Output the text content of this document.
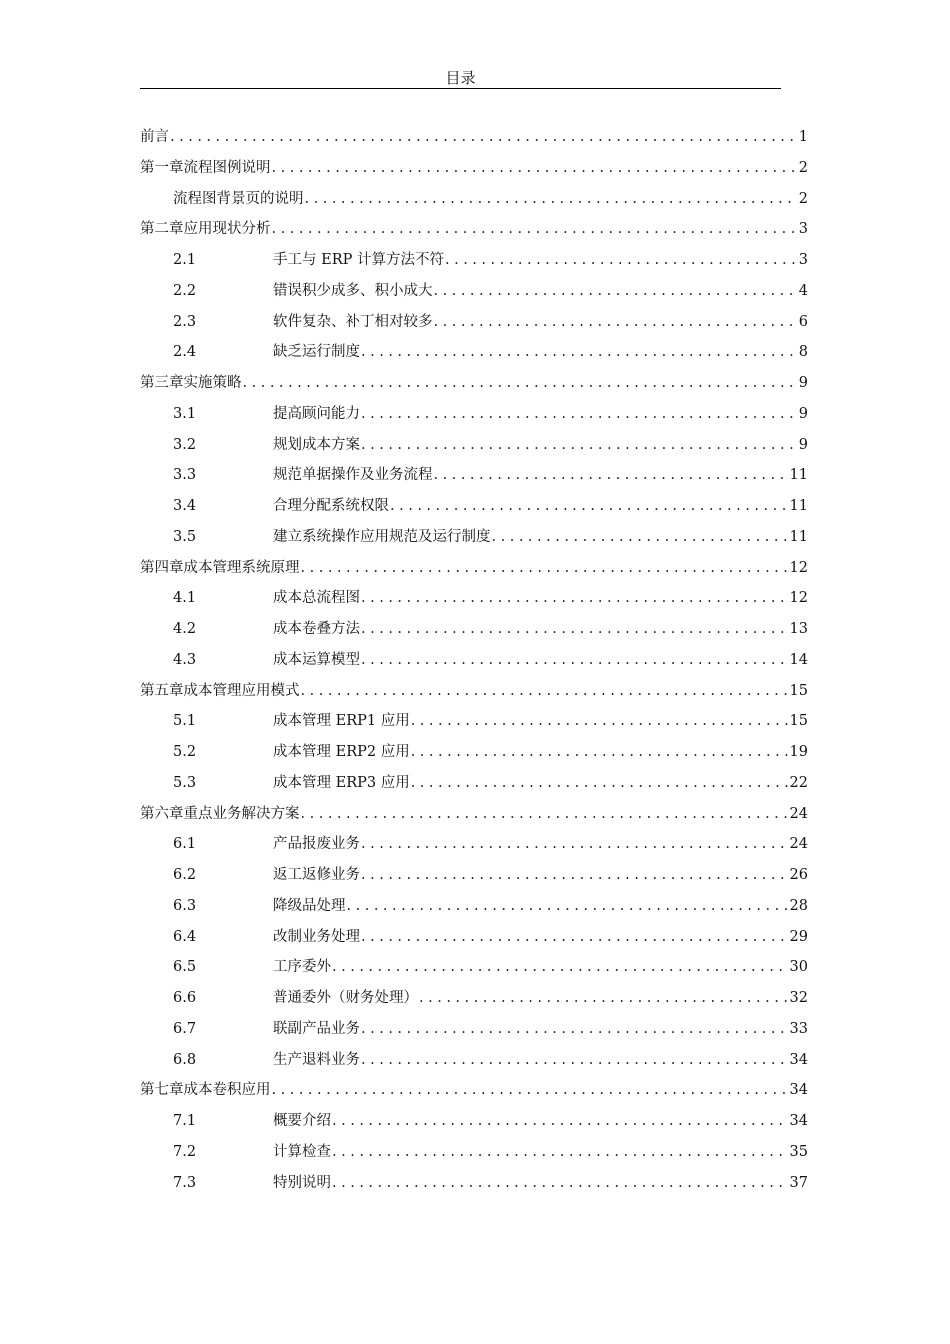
目录
前言 .....	1
第一章 流程图例说明 .....	2
流程图背景页的说明 .....	2
第二章 应用现状分析 .....	3
2.1	手工与 ERP 计算方法不符 .....	3
2.2	错误积少成多、积小成大 .....	4
2.3	软件复杂、补丁相对较多 .....	6
2.4	缺乏运行制度 .....	8
第三章 实施策略 .....	9
3.1	提高顾问能力 .....	9
3.2	规划成本方案 .....	9
3.3	规范单据操作及业务流程 .....	11
3.4	合理分配系统权限 .....	11
3.5	建立系统操作应用规范及运行制度 .....	11
第四章 成本管理系统原理 .....	12
4.1	成本总流程图 .....	12
4.2	成本卷叠方法 .....	13
4.3	成本运算模型 .....	14
第五章 成本管理应用模式 .....	15
5.1	成本管理 ERP1 应用 .....	15
5.2	成本管理 ERP2 应用 .....	19
5.3	成本管理 ERP3 应用 .....	22
第六章 重点业务解决方案 .....	24
6.1	产品报废业务 .....	24
6.2	返工返修业务 .....	26
6.3	降级品处理 .....	28
6.4	改制业务处理 .....	29
6.5	工序委外 .....	30
6.6	普通委外（财务处理） .....	32
6.7	联副产品业务 .....	33
6.8	生产退料业务 .....	34
第七章 成本卷积应用 .....	34
7.1	概要介绍 .....	34
7.2	计算检查 .....	35
7.3	特别说明 .....	37
